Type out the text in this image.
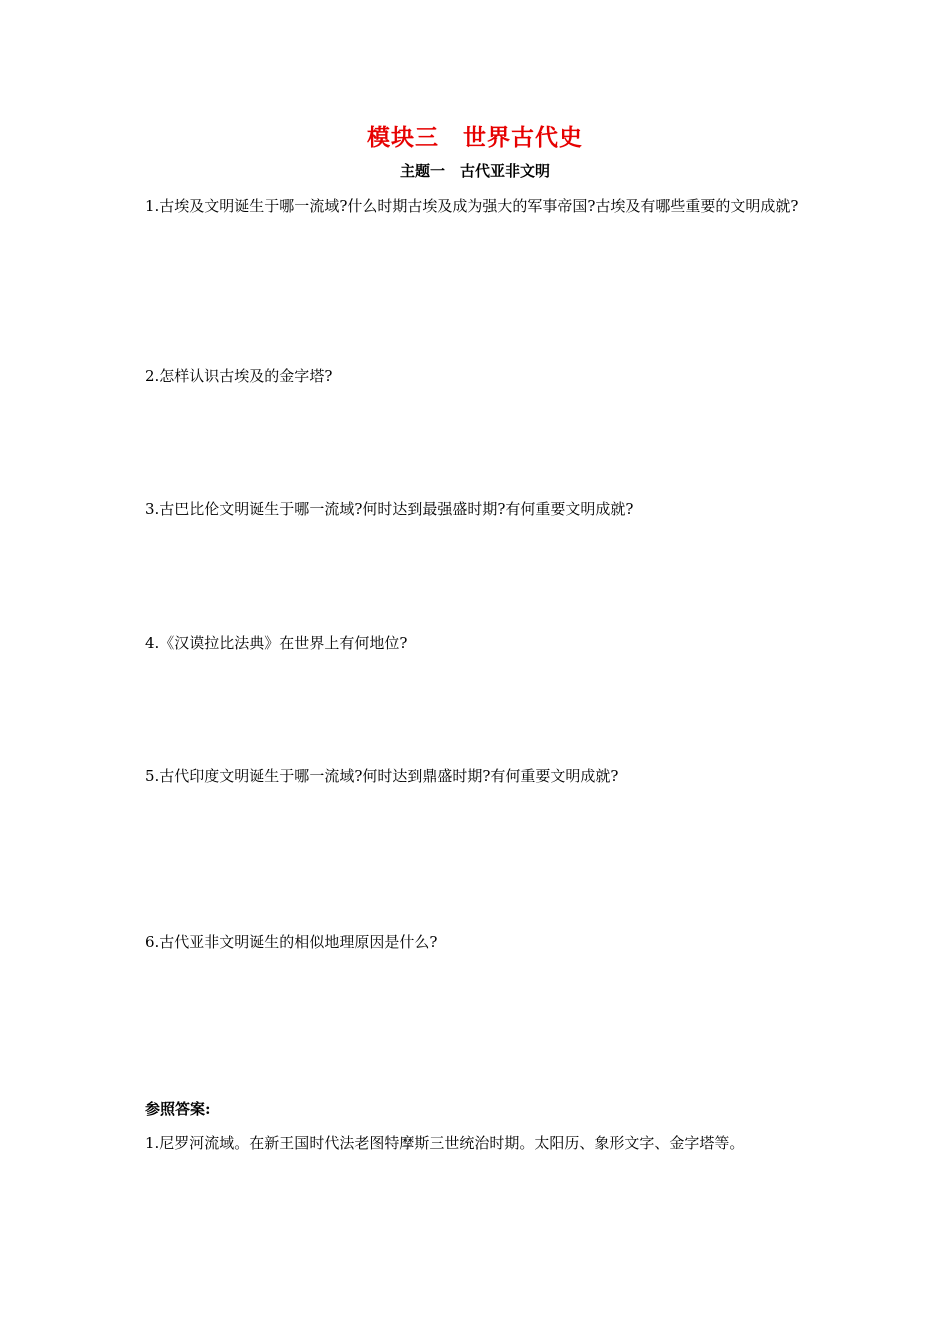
模块三　世界古代史
主题一　古代亚非文明
1.古埃及文明诞生于哪一流域?什么时期古埃及成为强大的军事帝国?古埃及有哪些重要的文明成就?
2.怎样认识古埃及的金字塔?
3.古巴比伦文明诞生于哪一流域?何时达到最强盛时期?有何重要文明成就?
4.《汉谟拉比法典》在世界上有何地位?
5.古代印度文明诞生于哪一流域?何时达到鼎盛时期?有何重要文明成就?
6.古代亚非文明诞生的相似地理原因是什么?
参照答案:
1.尼罗河流域。在新王国时代法老图特摩斯三世统治时期。太阳历、象形文字、金字塔等。
